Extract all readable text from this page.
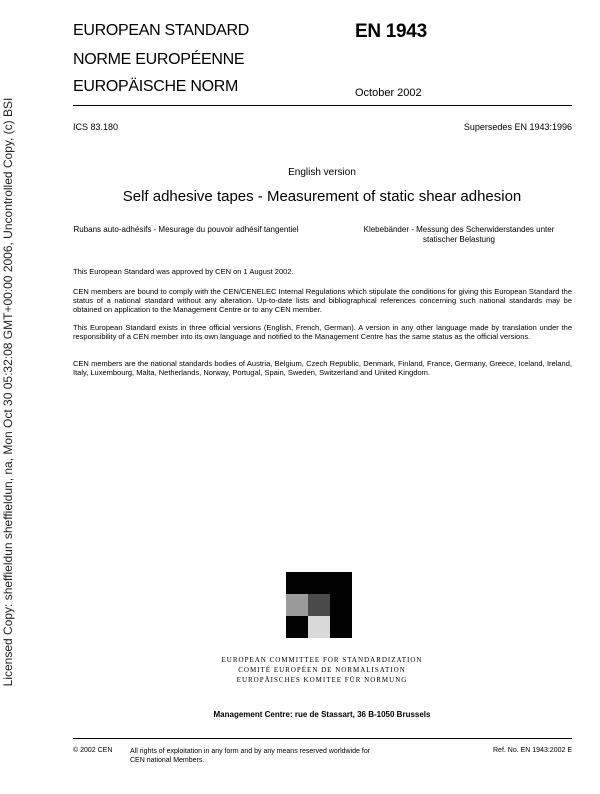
Licensed Copy: sheffieldun sheffieldun, na, Mon Oct 30 05:32:08 GMT+00:00 2006, Uncontrolled Copy, (c) BSI
EUROPEAN STANDARD
NORME EUROPÉENNE
EUROPÄISCHE NORM
EN 1943
October 2002
ICS 83.180	Supersedes EN 1943:1996
English version
Self adhesive tapes - Measurement of static shear adhesion
Rubans auto-adhésifs - Mesurage du pouvoir adhésif tangentiel	Klebebänder - Messung des Scherwiderstandes unter statischer Belastung
This European Standard was approved by CEN on 1 August 2002.
CEN members are bound to comply with the CEN/CENELEC Internal Regulations which stipulate the conditions for giving this European Standard the status of a national standard without any alteration. Up-to-date lists and bibliographical references concerning such national standards may be obtained on application to the Management Centre or to any CEN member.
This European Standard exists in three official versions (English, French, German). A version in any other language made by translation under the responsibility of a CEN member into its own language and notified to the Management Centre has the same status as the official versions.
CEN members are the national standards bodies of Austria, Belgium, Czech Republic, Denmark, Finland, France, Germany, Greece, Iceland, Ireland, Italy, Luxembourg, Malta, Netherlands, Norway, Portugal, Spain, Sweden, Switzerland and United Kingdom.
EUROPEAN COMMITTEE FOR STANDARDIZATION
COMITÉ EUROPÉEN DE NORMALISATION
EUROPÄISCHES KOMITEE FÜR NORMUNG
Management Centre: rue de Stassart, 36 B-1050 Brussels
© 2002 CEN	All rights of exploitation in any form and by any means reserved worldwide for CEN national Members.
Ref. No. EN 1943:2002 E
